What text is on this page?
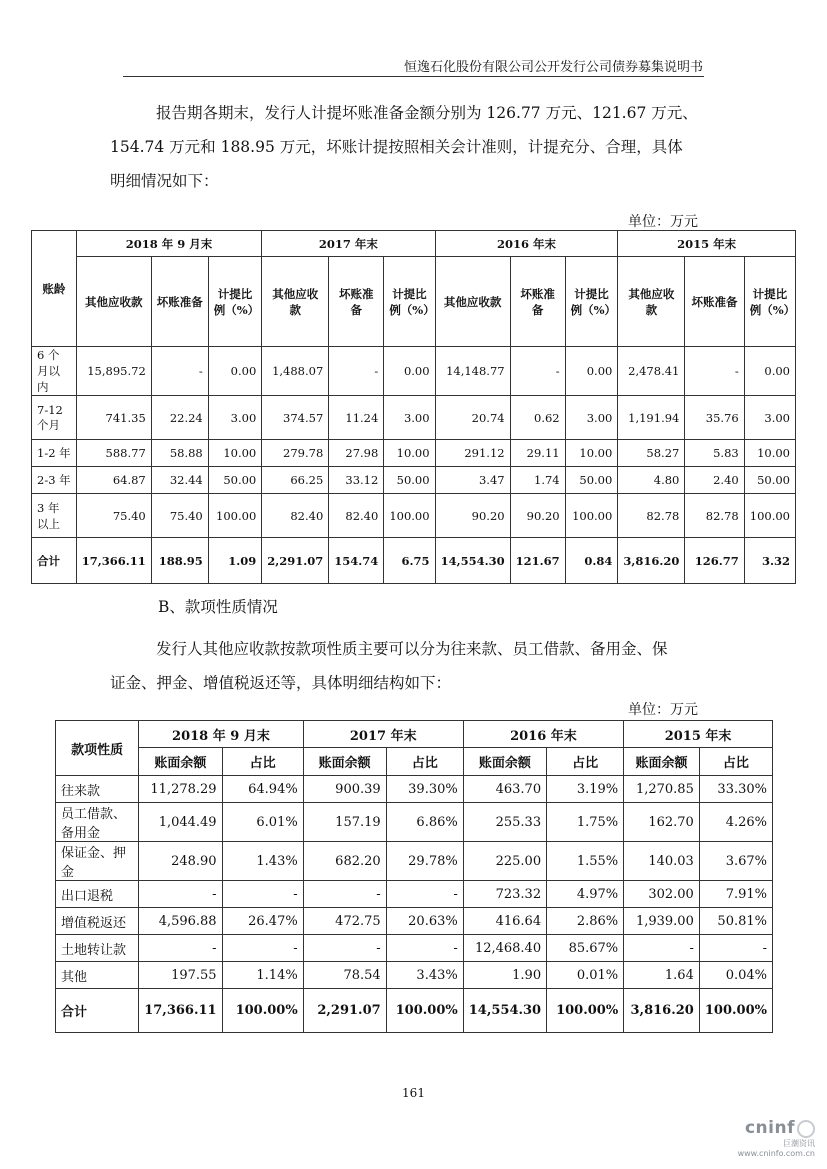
恒逸石化股份有限公司公开发行公司债券募集说明书
报告期各期末，发行人计提坏账准备金额分别为 126.77 万元、121.67 万元、
154.74 万元和 188.95 万元，坏账计提按照相关会计准则，计提充分、合理，具体
明细情况如下：
单位：万元
账龄	2018 年 9 月末			2017 年末			2016 年末			2015 年末		
	其他应收款	坏账准备	计提比例（%）	其他应收款	坏账准备	计提比例（%）	其他应收款	坏账准备	计提比例（%）	其他应收款	坏账准备	计提比例（%）
6 个月以内	15,895.72	-	0.00	1,488.07	-	0.00	14,148.77	-	0.00	2,478.41	-	0.00
7-12 个月	741.35	22.24	3.00	374.57	11.24	3.00	20.74	0.62	3.00	1,191.94	35.76	3.00
1-2 年	588.77	58.88	10.00	279.78	27.98	10.00	291.12	29.11	10.00	58.27	5.83	10.00
2-3 年	64.87	32.44	50.00	66.25	33.12	50.00	3.47	1.74	50.00	4.80	2.40	50.00
3 年以上	75.40	75.40	100.00	82.40	82.40	100.00	90.20	90.20	100.00	82.78	82.78	100.00
合计	17,366.11	188.95	1.09	2,291.07	154.74	6.75	14,554.30	121.67	0.84	3,816.20	126.77	3.32
B、款项性质情况
发行人其他应收款按款项性质主要可以分为往来款、员工借款、备用金、保
证金、押金、增值税返还等，具体明细结构如下：
单位：万元
款项性质	2018 年 9 月末		2017 年末		2016 年末		2015 年末	
	账面余额	占比	账面余额	占比	账面余额	占比	账面余额	占比
往来款	11,278.29	64.94%	900.39	39.30%	463.70	3.19%	1,270.85	33.30%
员工借款、备用金	1,044.49	6.01%	157.19	6.86%	255.33	1.75%	162.70	4.26%
保证金、押金	248.90	1.43%	682.20	29.78%	225.00	1.55%	140.03	3.67%
出口退税	-	-	-	-	723.32	4.97%	302.00	7.91%
增值税返还	4,596.88	26.47%	472.75	20.63%	416.64	2.86%	1,939.00	50.81%
土地转让款	-	-	-	-	12,468.40	85.67%	-	-
其他	197.55	1.14%	78.54	3.43%	1.90	0.01%	1.64	0.04%
合计	17,366.11	100.00%	2,291.07	100.00%	14,554.30	100.00%	3,816.20	100.00%
161
cninf
巨潮资讯
www.cninfo.com.cn
